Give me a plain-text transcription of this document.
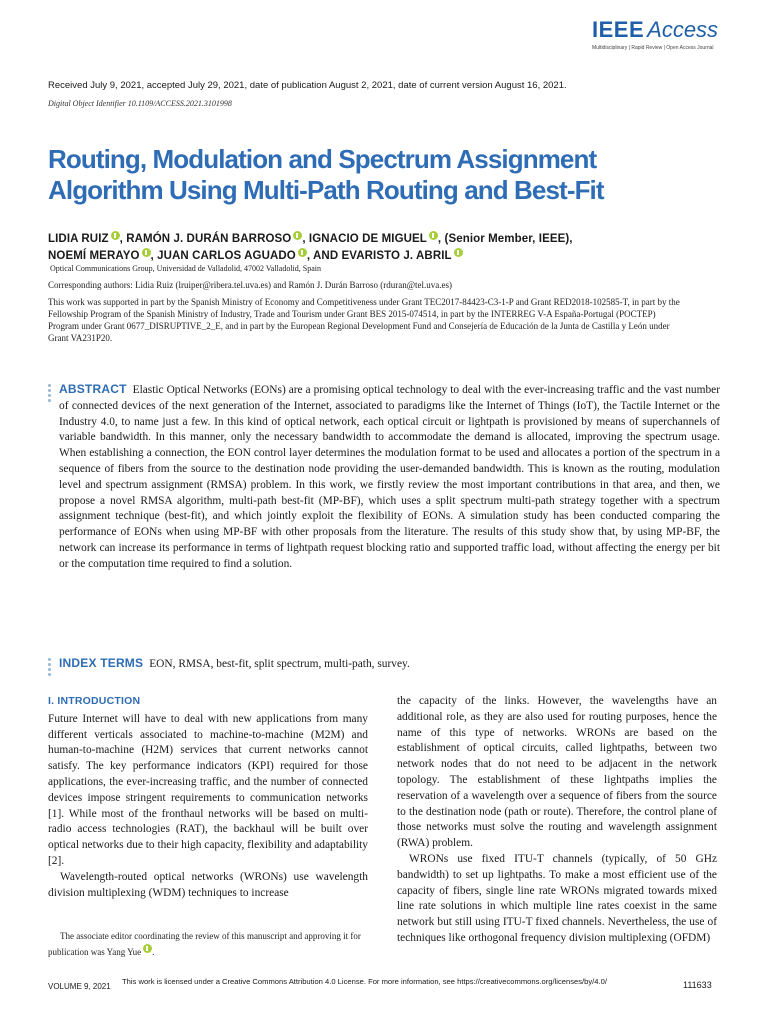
IEEE Access
Multidisciplinary | Rapid Review | Open Access Journal
Received July 9, 2021, accepted July 29, 2021, date of publication August 2, 2021, date of current version August 16, 2021.
Digital Object Identifier 10.1109/ACCESS.2021.3101998
Routing, Modulation and Spectrum Assignment
Algorithm Using Multi-Path Routing and Best-Fit
LIDIA RUIZ , RAMÓN J. DURÁN BARROSO , IGNACIO DE MIGUEL , (Senior Member, IEEE),
NOEMÍ MERAYO , JUAN CARLOS AGUADO , AND EVARISTO J. ABRIL
Optical Communications Group, Universidad de Valladolid, 47002 Valladolid, Spain
Corresponding authors: Lidia Ruiz (lruiper@ribera.tel.uva.es) and Ramón J. Durán Barroso (rduran@tel.uva.es)
This work was supported in part by the Spanish Ministry of Economy and Competitiveness under Grant TEC2017-84423-C3-1-P and Grant RED2018-102585-T, in part by the Fellowship Program of the Spanish Ministry of Industry, Trade and Tourism under Grant BES 2015-074514, in part by the INTERREG V-A España-Portugal (POCTEP) Program under Grant 0677_DISRUPTIVE_2_E, and in part by the European Regional Development Fund and Consejería de Educación de la Junta de Castilla y León under Grant VA231P20.

ABSTRACT Elastic Optical Networks (EONs) are a promising optical technology to deal with the ever-increasing traffic and the vast number of connected devices of the next generation of the Internet, associated to paradigms like the Internet of Things (IoT), the Tactile Internet or the Industry 4.0, to name just a few. In this kind of optical network, each optical circuit or lightpath is provisioned by means of superchannels of variable bandwidth. In this manner, only the necessary bandwidth to accommodate the demand is allocated, improving the spectrum usage. When establishing a connection, the EON control layer determines the modulation format to be used and allocates a portion of the spectrum in a sequence of fibers from the source to the destination node providing the user-demanded bandwidth. This is known as the routing, modulation level and spectrum assignment (RMSA) problem. In this work, we firstly review the most important contributions in that area, and then, we propose a novel RMSA algorithm, multi-path best-fit (MP-BF), which uses a split spectrum multi-path strategy together with a spectrum assignment technique (best-fit), and which jointly exploit the flexibility of EONs. A simulation study has been conducted comparing the performance of EONs when using MP-BF with other proposals from the literature. The results of this study show that, by using MP-BF, the network can increase its performance in terms of lightpath request blocking ratio and supported traffic load, without affecting the energy per bit or the computation time required to find a solution.

INDEX TERMS EON, RMSA, best-fit, split spectrum, multi-path, survey.

I. INTRODUCTION

Future Internet will have to deal with new applications from many different verticals associated to machine-to-machine (M2M) and human-to-machine (H2M) services that current networks cannot satisfy. The key performance indicators (KPI) required for those applications, the ever-increasing traffic, and the number of connected devices impose stringent requirements to communication networks [1]. While most of the fronthaul networks will be based on multi-radio access technologies (RAT), the backhaul will be built over optical networks due to their high capacity, flexibility and adaptability [2].

Wavelength-routed optical networks (WRONs) use wavelength division multiplexing (WDM) techniques to increase

The associate editor coordinating the review of this manuscript and approving it for publication was Yang Yue .

the capacity of the links. However, the wavelengths have an additional role, as they are also used for routing purposes, hence the name of this type of networks. WRONs are based on the establishment of optical circuits, called lightpaths, between two network nodes that do not need to be adjacent in the network topology. The establishment of these lightpaths implies the reservation of a wavelength over a sequence of fibers from the source to the destination node (path or route). Therefore, the control plane of those networks must solve the routing and wavelength assignment (RWA) problem.

WRONs use fixed ITU-T channels (typically, of 50 GHz bandwidth) to set up lightpaths. To make a most efficient use of the capacity of fibers, single line rate WRONs migrated towards mixed line rate solutions in which multiple line rates coexist in the same network but still using ITU-T fixed channels. Nevertheless, the use of techniques like orthogonal frequency division multiplexing (OFDM)

VOLUME 9, 2021
This work is licensed under a Creative Commons Attribution 4.0 License. For more information, see https://creativecommons.org/licenses/by/4.0/	111633
